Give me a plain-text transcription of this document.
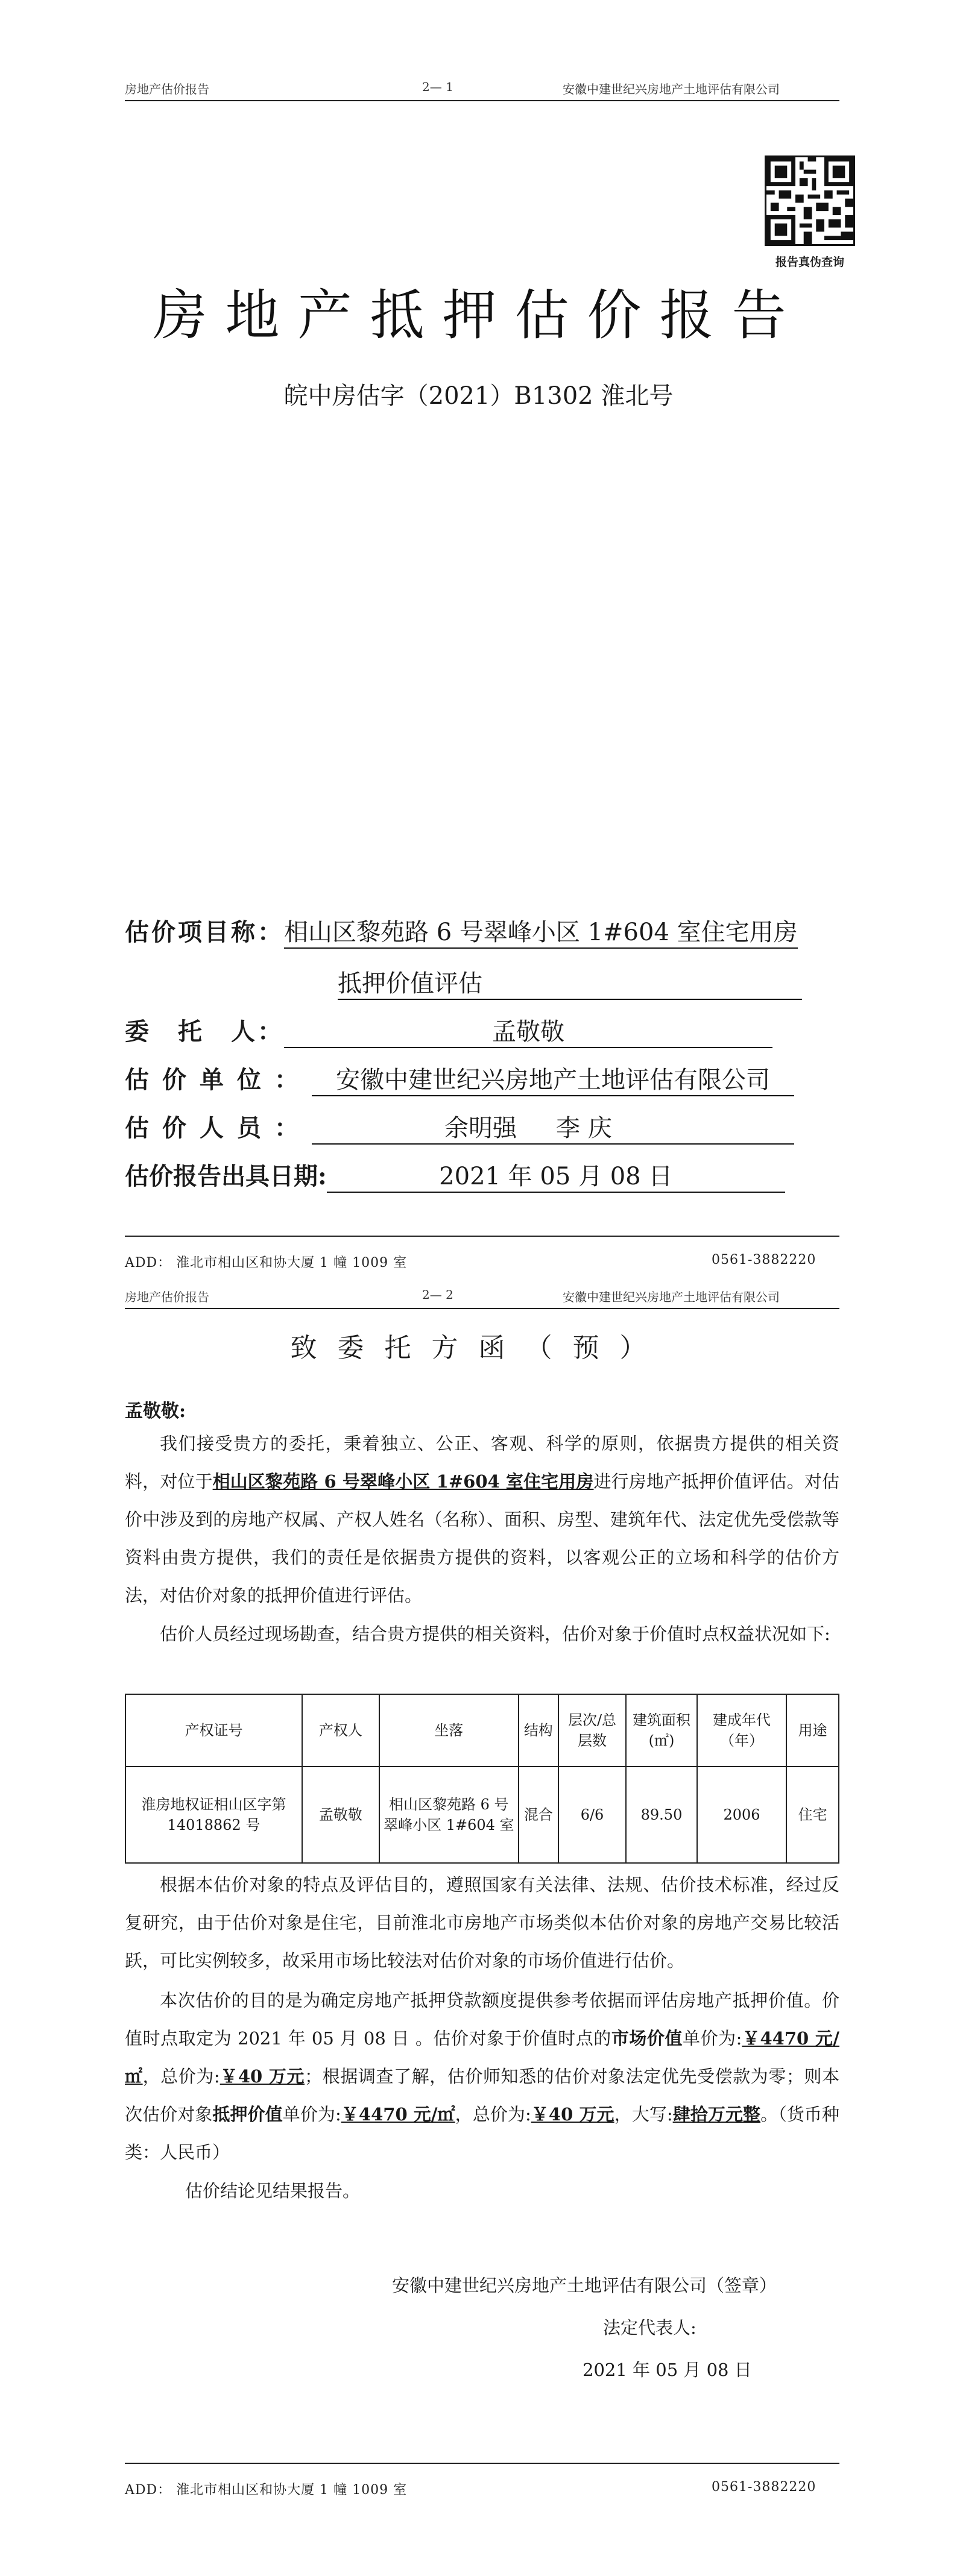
房地产估价报告	2— 1	安徽中建世纪兴房地产土地评估有限公司
报告真伪查询
房地产抵押估价报告
皖中房估字（2021）B1302 淮北号
估价项目称：相山区黎苑路 6 号翠峰小区 1#604 室住宅用房
抵押价值评估
委　托　人：	孟敬敬
估价单位： 安徽中建世纪兴房地产土地评估有限公司
估价人员：	余明强 李 庆
估价报告出具日期:	2021 年 05 月 08 日
ADD： 淮北市相山区和协大厦 1 幢 1009 室	0561-3882220
房地产估价报告	2— 2	安徽中建世纪兴房地产土地评估有限公司
致委托方函（预）
孟敬敬:

我们接受贵方的委托，秉着独立、公正、客观、科学的原则，依据贵方提供的相关资料，对位于相山区黎苑路 6 号翠峰小区 1#604 室住宅用房进行房地产抵押价值评估。对估价中涉及到的房地产权属、产权人姓名（名称）、面积、房型、建筑年代、法定优先受偿款等资料由贵方提供，我们的责任是依据贵方提供的资料，以客观公正的立场和科学的估价方法，对估价对象的抵押价值进行评估。

估价人员经过现场勘查，结合贵方提供的相关资料，估价对象于价值时点权益状况如下:

产权证号	产权人	坐落	结构	层次/总层数	建筑面积(㎡)	建成年代（年）	用途
淮房地权证相山区字第 14018862 号	孟敬敬	相山区黎苑路 6 号翠峰小区 1#604 室	混合	6/6	89.50	2006	住宅

根据本估价对象的特点及评估目的，遵照国家有关法律、法规、估价技术标准，经过反复研究，由于估价对象是住宅，目前淮北市房地产市场类似本估价对象的房地产交易比较活跃，可比实例较多，故采用市场比较法对估价对象的市场价值进行估价。

本次估价的目的是为确定房地产抵押贷款额度提供参考依据而评估房地产抵押价值。价值时点取定为 2021 年 05 月 08 日 。估价对象于价值时点的市场价值单价为:￥4470 元/㎡，总价为:￥40 万元；根据调查了解，估价师知悉的估价对象法定优先受偿款为零；则本次估价对象抵押价值单价为:￥4470 元/㎡，总价为:￥40 万元，大写:肆拾万元整。（货币种类：人民币）

估价结论见结果报告。

安徽中建世纪兴房地产土地评估有限公司（签章）
法定代表人:
2021 年 05 月 08 日
ADD： 淮北市相山区和协大厦 1 幢 1009 室	0561-3882220
